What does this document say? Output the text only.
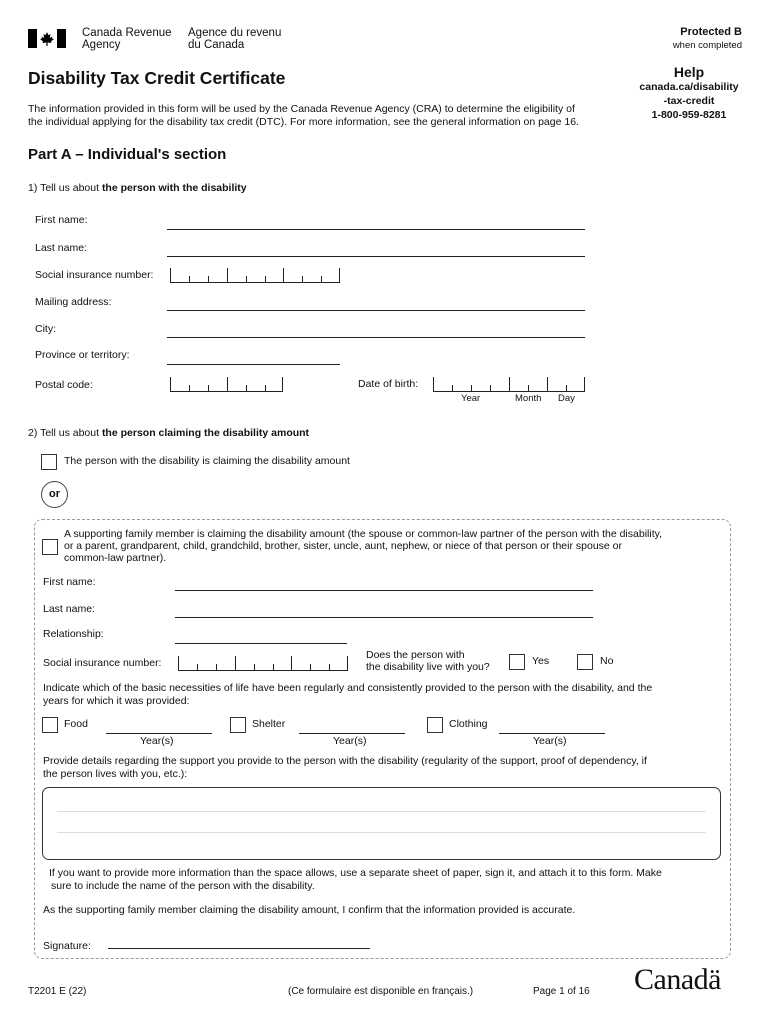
Canada Revenue
Agency
Agence du revenu
du Canada
Protected B
when completed
Disability Tax Credit Certificate	Help
canada.ca/disability
-tax-credit
1-800-959-8281
The information provided in this form will be used by the Canada Revenue Agency (CRA) to determine the eligibility of
the individual applying for the disability tax credit (DTC). For more information, see the general information on page 16.
Part A – Individual's section
1) Tell us about the person with the disability
First name:
Last name:
Social insurance number:
Mailing address:
City:
Province or territory:
Postal code:	Date of birth:
Year	Month Day
2) Tell us about the person claiming the disability amount
The person with the disability is claiming the disability amount
or
A supporting family member is claiming the disability amount (the spouse or common-law partner of the person with the disability,
or a parent, grandparent, child, grandchild, brother, sister, uncle, aunt, nephew, or niece of that person or their spouse or
common-law partner).
First name:
Last name:
Relationship:
Social insurance number:
Does the person with
the disability live with you?	Yes	No
Indicate which of the basic necessities of life have been regularly and consistently provided to the person with the disability, and the
years for which it was provided:
Food
Year(s)
Shelter
Year(s)
Clothing
Year(s)
Provide details regarding the support you provide to the person with the disability (regularity of the support, proof of dependency, if
the person lives with you, etc.):
If you want to provide more information than the space allows, use a separate sheet of paper, sign it, and attach it to this form. Make
sure to include the name of the person with the disability.
As the supporting family member claiming the disability amount, I confirm that the information provided is accurate.
Signature:
T2201 E (22)	(Ce formulaire est disponible en français.)	Page 1 of 16 Canadä
